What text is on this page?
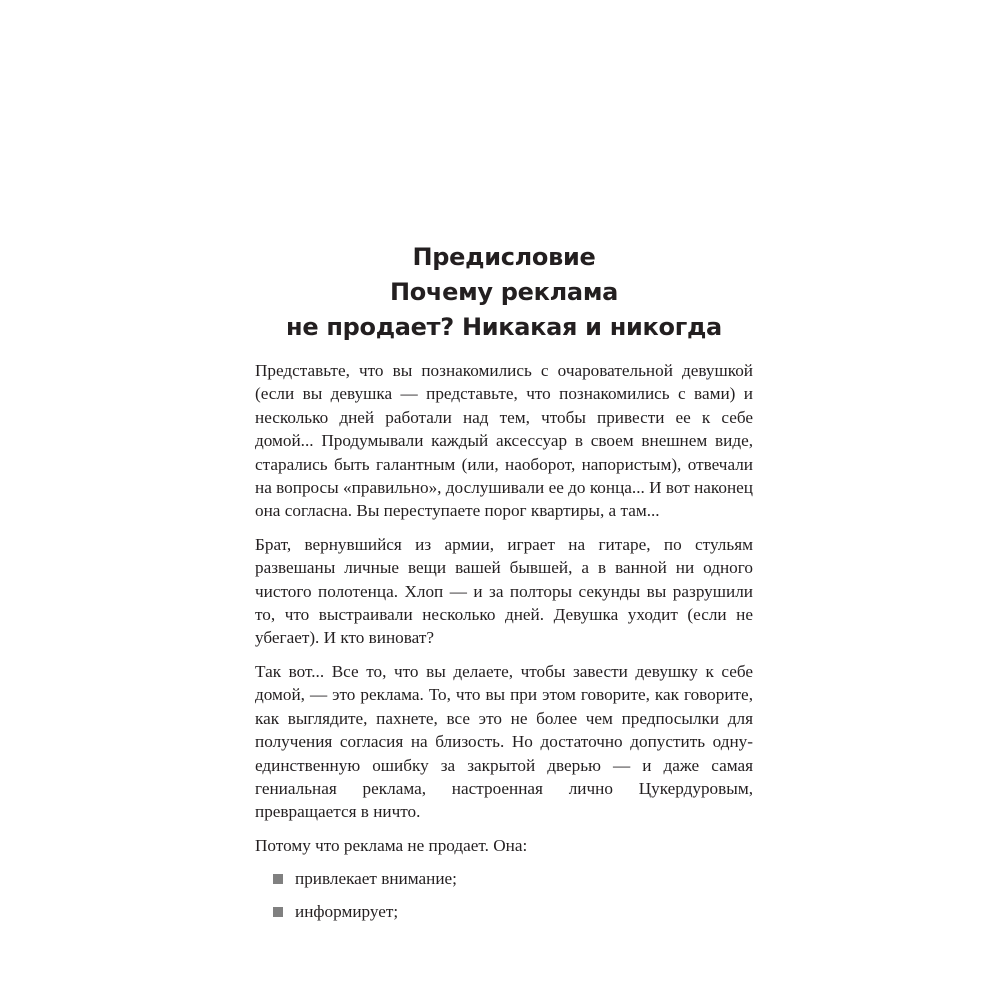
Предисловие
Почему реклама
не продает? Никакая и никогда

Представьте, что вы познакомились с очаровательной девушкой (если вы девушка — представьте, что познакомились с вами) и несколько дней работали над тем, чтобы привести ее к себе домой... Продумывали каждый аксессуар в своем внешнем виде, старались быть галантным (или, наоборот, напористым), отвечали на вопросы «правильно», дослушивали ее до конца... И вот наконец она согласна. Вы переступаете порог квартиры, а там...

Брат, вернувшийся из армии, играет на гитаре, по стульям развешаны личные вещи вашей бывшей, а в ванной ни одного чистого полотенца. Хлоп — и за полторы секунды вы разрушили то, что выстраивали несколько дней. Девушка уходит (если не убегает). И кто виноват?

Так вот... Все то, что вы делаете, чтобы завести девушку к себе домой, — это реклама. То, что вы при этом говорите, как говорите, как выглядите, пахнете, все это не более чем предпосылки для получения согласия на близость. Но достаточно допустить одну-единственную ошибку за закрытой дверью — и даже самая гениальная реклама, настроенная лично Цукердуровым, превращается в ничто.

Потому что реклама не продает. Она:

привлекает внимание;
информирует;
